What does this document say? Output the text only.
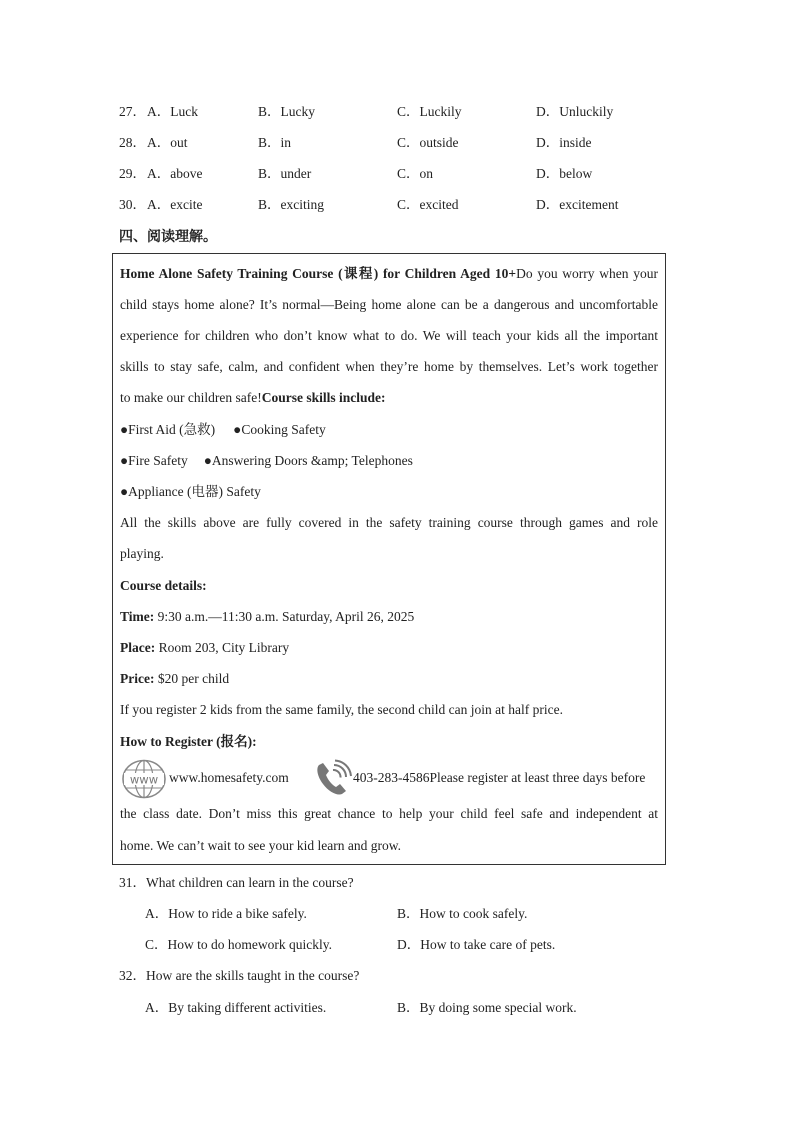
27． A．Luck	B．Lucky	C．Luckily	D．Unluckily
28． A．out	B．in	C．outside	D．inside
29． A．above	B．under	C．on	D．below
30． A．excite	B．exciting	C．excited	D．excitement
四、阅读理解。
Home Alone Safety Training Course (课程) for Children Aged 10+Do you worry when your
child stays home alone? It’s normal—Being home alone can be a dangerous and uncomfortable
experience for children who don’t know what to do. We will teach your kids all the important
skills to stay safe, calm, and confident when they’re home by themselves. Let’s work together
to make our children safe!Course skills include:
●First Aid (急救) ●Cooking Safety
●Fire Safety ●Answering Doors &amp; Telephones
●Appliance (电器) Safety
All the skills above are fully covered in the safety training course through games and role
playing.
Course details:
Time: 9:30 a.m.—11:30 a.m. Saturday, April 26, 2025
Place: Room 203, City Library
Price: $20 per child
If you register 2 kids from the same family, the second child can join at half price.
How to Register (报名):
www www.homesafety.com	403-283-4586Please register at least three days before
the class date. Don’t miss this great chance to help your child feel safe and independent at
home. We can’t wait to see your kid learn and grow.
31．What children can learn in the course?
A．How to ride a bike safely.	B．How to cook safely.
C．How to do homework quickly.	D．How to take care of pets.
32．How are the skills taught in the course?
A．By taking different activities.	B．By doing some special work.
